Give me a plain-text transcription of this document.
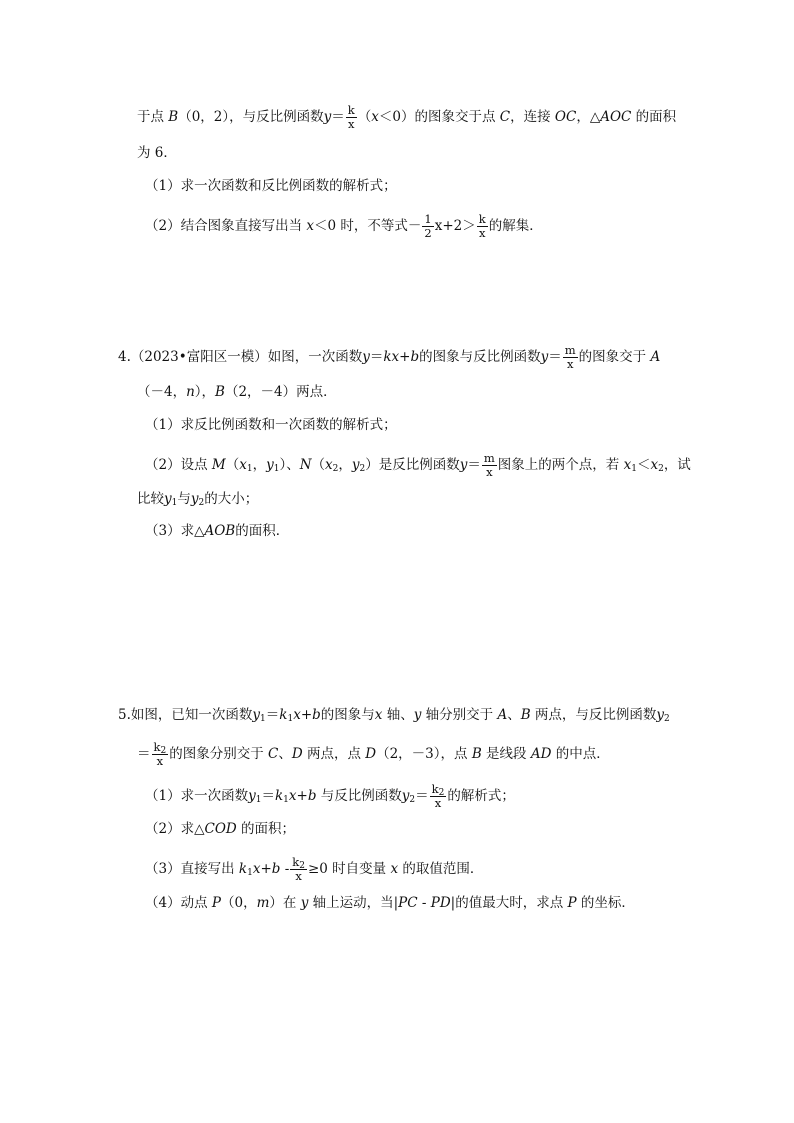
于点 B（0，2），与反比例函数$y= \frac{k}{x} (x<0)$的图象交于点 C，连接 OC，△AOC 的面积
为 6．
（1）求一次函数和反比例函数的解析式；
（2）结合图象直接写出当 x＜0 时，不等式－ $\frac{1}{2} x+2> \frac{k}{x}$ 的解集．
4.（2023•富阳区一模）如图，一次函数y＝kx+b的图象与反比例函数$y= \frac{m}{x}$ 的图象交于 A
（－4，n），B（2，－4）两点．
（1）求反比例函数和一次函数的解析式；
（2）设点 $M(x_1$，$y_1$）、$N(x_2$，$y_2$）是反比例函数$y= \frac{m}{x}$ 图象上的两个点，若 $x_1<x_2$，试
比较$y_1$与$y_2$的大小；
（3）求△AOB的面积．
5.如图，已知一次函数$y_1=k_1x+b$的图象与x 轴、y 轴分别交于 A、B 两点，与反比例函数$y_2$
＝ $\frac{k_2}{x}$ 的图象分别交于 C、D 两点，点 D（2，－3），点 B 是线段 AD 的中点．
（1）求一次函数$y_1=k_1x+b$ 与反比例函数$y_2= \frac{k_2}{x}$ 的解析式；
（2）求△COD 的面积；
（3）直接写出 $k_1x+b - \frac{k_2}{x} \ge 0$ 时自变量 x 的取值范围．
（4）动点 P（0，m）在 y 轴上运动，当|PC - PD|的值最大时，求点 P 的坐标．
